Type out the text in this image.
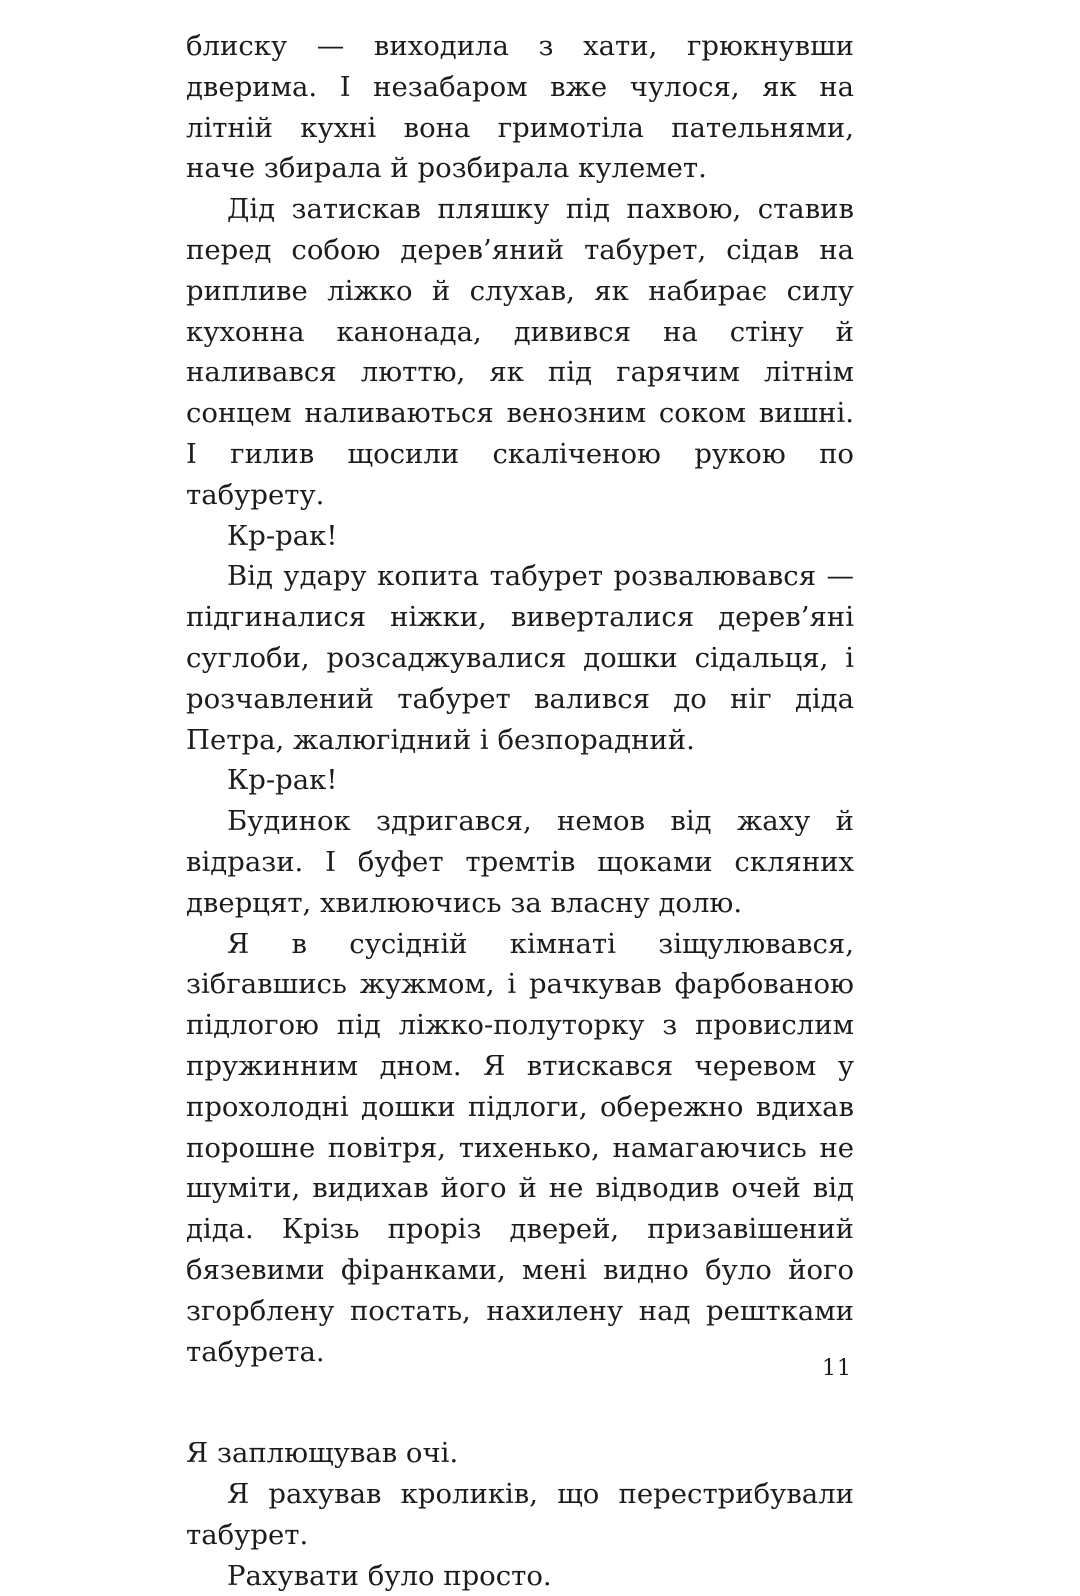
блиску — виходила з хати, грюкнувши дверима. І незабаром вже чулося, як на літній кухні вона гримотіла пательнями, наче збирала й розбирала кулемет.

Дід затискав пляшку під пахвою, ставив перед собою дерев’яний табурет, сідав на рипливе ліжко й слухав, як набирає силу кухонна канонада, дивився на стіну й наливався люттю, як під гарячим літнім сонцем наливаються венозним соком вишні. І гилив щосили скаліченою рукою по табурету.

Кр-рак!

Від удару копита табурет розвалювався — підгиналися ніжки, виверталися дерев’яні суглоби, розсаджувалися дошки сідальця, і розчавлений табурет валився до ніг діда Петра, жалюгідний і безпорадний.

Кр-рак!

Будинок здригався, немов від жаху й відрази. І буфет тремтів щоками скляних дверцят, хвилюючись за власну долю.

Я в сусідній кімнаті зіщулювався, зібгавшись жужмом, і рачкував фарбованою підлогою під ліжко-полуторку з провислим пружинним дном. Я втискався черевом у прохолодні дошки підлоги, обережно вдихав порошне повітря, тихенько, намагаючись не шуміти, видихав його й не відводив очей від діда. Крізь проріз дверей, призавішений бязевими фіранками, мені видно було його згорблену постать, нахилену над рештками табурета.

Я заплющував очі.

Я рахував кроликів, що перестрибували табурет.

Рахувати було просто.

11
